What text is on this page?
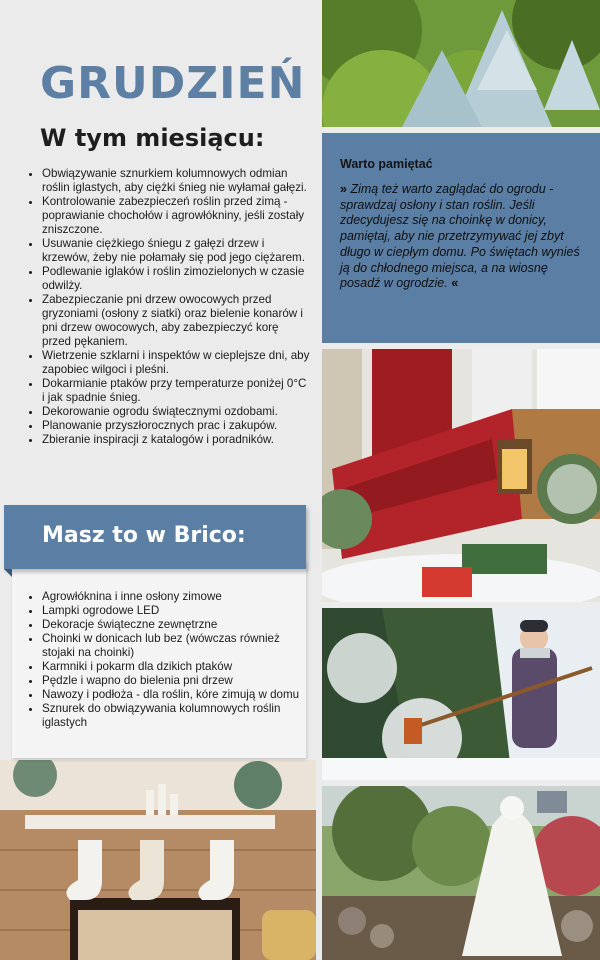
GRUDZIEŃ
W tym miesiącu:
• Obwiązywanie sznurkiem kolumnowych odmian roślin iglastych, aby ciężki śnieg nie wyłamał gałęzi.
• Kontrolowanie zabezpieczeń roślin przed zimą - poprawianie chochołów i agrowłókniny, jeśli zostały zniszczone.
• Usuwanie ciężkiego śniegu z gałęzi drzew i krzewów, żeby nie połamały się pod jego ciężarem.
• Podlewanie iglaków i roślin zimozielonych w czasie odwilży.
• Zabezpieczanie pni drzew owocowych przed gryzoniami (osłony z siatki) oraz bielenie konarów i pni drzew owocowych, aby zabezpieczyć korę przed pękaniem.
• Wietrzenie szklarni i inspektów w cieplejsze dni, aby zapobiec wilgoci i pleśni.
• Dokarmianie ptaków przy temperaturze poniżej 0°C i jak spadnie śnieg.
• Dekorowanie ogrodu świątecznymi ozdobami.
• Planowanie przyszłorocznych prac i zakupów.
• Zbieranie inspiracji z katalogów i poradników.
Masz to w Brico:
• Agrowłóknina i inne osłony zimowe
• Lampki ogrodowe LED
• Dekoracje świąteczne zewnętrzne
• Choinki w donicach lub bez (wówczas również stojaki na choinki)
• Karmniki i pokarm dla dzikich ptaków
• Pędzle i wapno do bielenia pni drzew
• Nawozy i podłoża - dla roślin, kóre zimują w domu
• Sznurek do obwiązywania kolumnowych roślin iglastych
Warto pamiętać

» Zimą też warto zaglądać do ogrodu - sprawdzaj osłony i stan roślin. Jeśli zdecydujesz się na choinkę w donicy, pamiętaj, aby nie przetrzymywać jej zbyt długo w ciepłym domu. Po świętach wynieś ją do chłodnego miejsca, a na wiosnę posadź w ogrodzie. «
